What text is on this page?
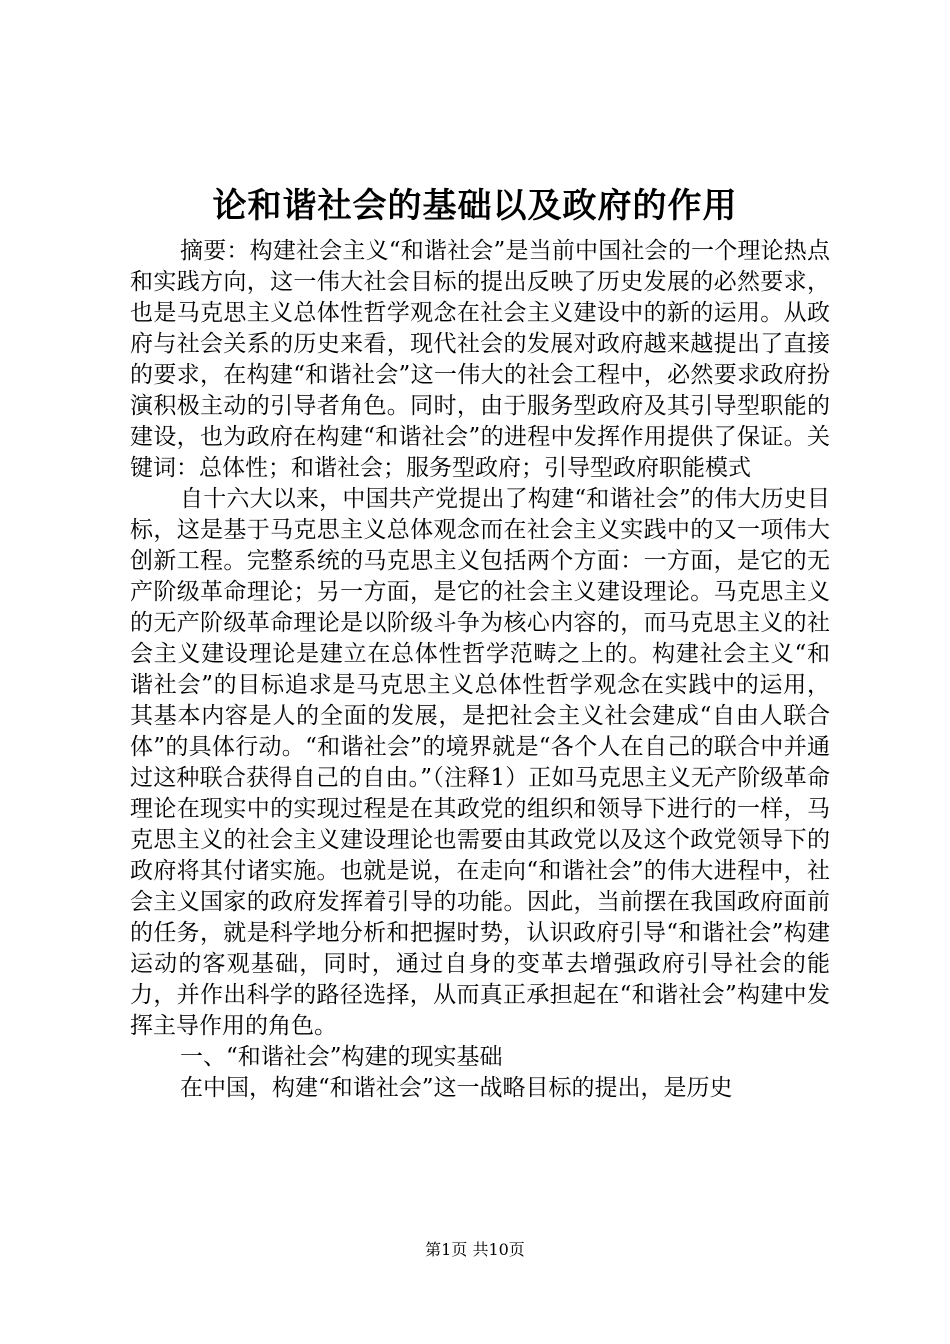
论和谐社会的基础以及政府的作用

摘要：构建社会主义“和谐社会”是当前中国社会的一个理论热点和实践方向，这一伟大社会目标的提出反映了历史发展的必然要求，也是马克思主义总体性哲学观念在社会主义建设中的新的运用。从政府与社会关系的历史来看，现代社会的发展对政府越来越提出了直接的要求，在构建“和谐社会”这一伟大的社会工程中，必然要求政府扮演积极主动的引导者角色。同时，由于服务型政府及其引导型职能的建设，也为政府在构建“和谐社会”的进程中发挥作用提供了保证。关键词：总体性；和谐社会；服务型政府；引导型政府职能模式

自十六大以来，中国共产党提出了构建“和谐社会”的伟大历史目标，这是基于马克思主义总体观念而在社会主义实践中的又一项伟大创新工程。完整系统的马克思主义包括两个方面：一方面，是它的无产阶级革命理论；另一方面，是它的社会主义建设理论。马克思主义的无产阶级革命理论是以阶级斗争为核心内容的，而马克思主义的社会主义建设理论是建立在总体性哲学范畴之上的。构建社会主义“和谐社会”的目标追求是马克思主义总体性哲学观念在实践中的运用，其基本内容是人的全面的发展，是把社会主义社会建成“自由人联合体”的具体行动。“和谐社会”的境界就是“各个人在自己的联合中并通过这种联合获得自己的自由。”（注释1）正如马克思主义无产阶级革命理论在现实中的实现过程是在其政党的组织和领导下进行的一样，马克思主义的社会主义建设理论也需要由其政党以及这个政党领导下的政府将其付诸实施。也就是说，在走向“和谐社会”的伟大进程中，社会主义国家的政府发挥着引导的功能。因此，当前摆在我国政府面前的任务，就是科学地分析和把握时势，认识政府引导“和谐社会”构建运动的客观基础，同时，通过自身的变革去增强政府引导社会的能力，并作出科学的路径选择，从而真正承担起在“和谐社会”构建中发挥主导作用的角色。

一、“和谐社会”构建的现实基础

在中国，构建“和谐社会”这一战略目标的提出，是历史

第1页 共10页
